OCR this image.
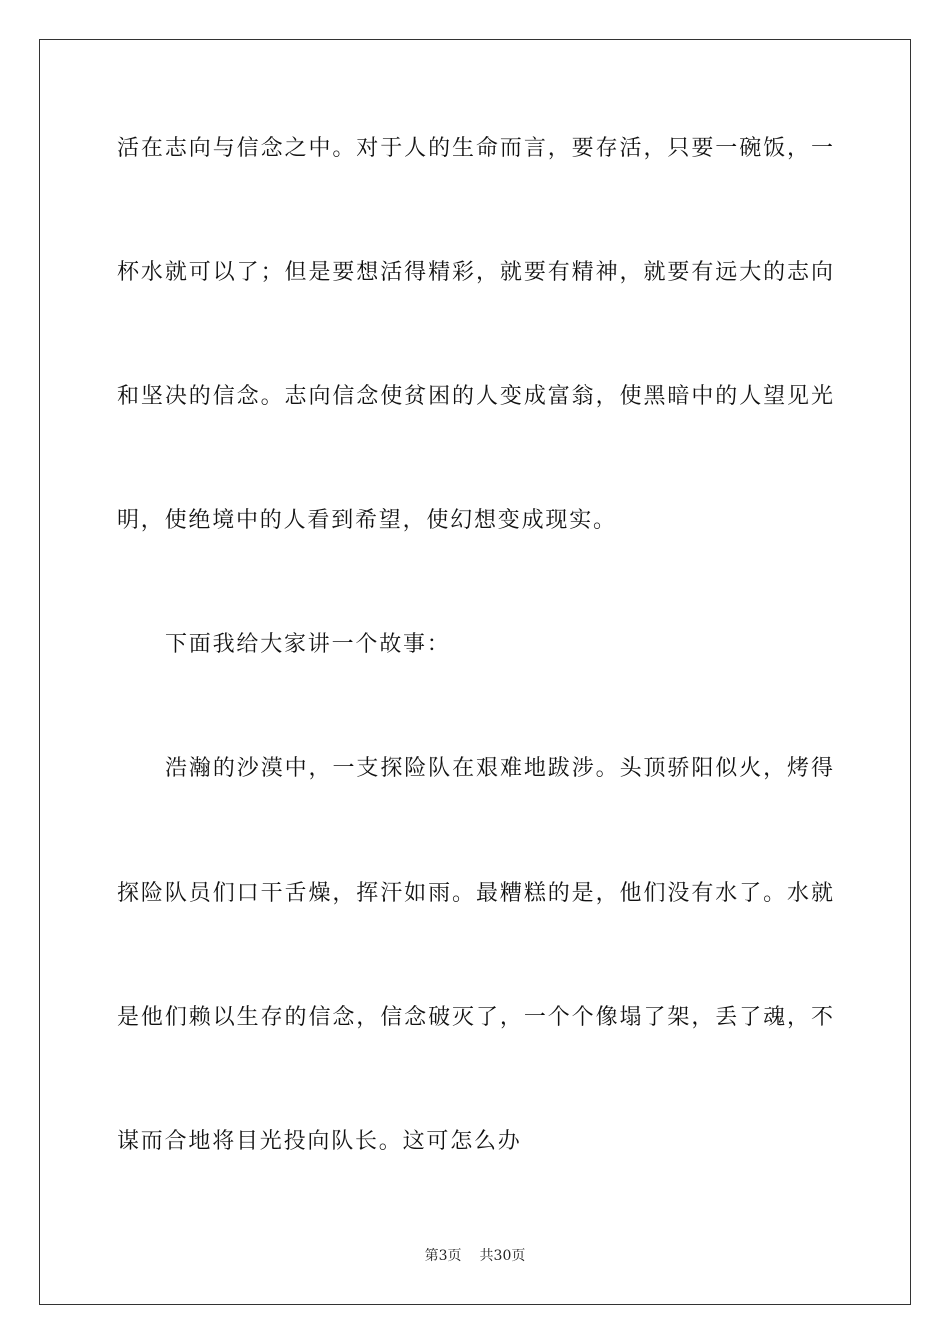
活在志向与信念之中。对于人的生命而言，要存活，只要一碗饭，一
杯水就可以了；但是要想活得精彩，就要有精神，就要有远大的志向
和坚决的信念。志向信念使贫困的人变成富翁，使黑暗中的人望见光
明，使绝境中的人看到希望，使幻想变成现实。
下面我给大家讲一个故事：
浩瀚的沙漠中，一支探险队在艰难地跋涉。头顶骄阳似火，烤得
探险队员们口干舌燥，挥汗如雨。最糟糕的是，他们没有水了。水就
是他们赖以生存的信念，信念破灭了，一个个像塌了架，丢了魂，不
谋而合地将目光投向队长。这可怎么办
第3页 共30页
